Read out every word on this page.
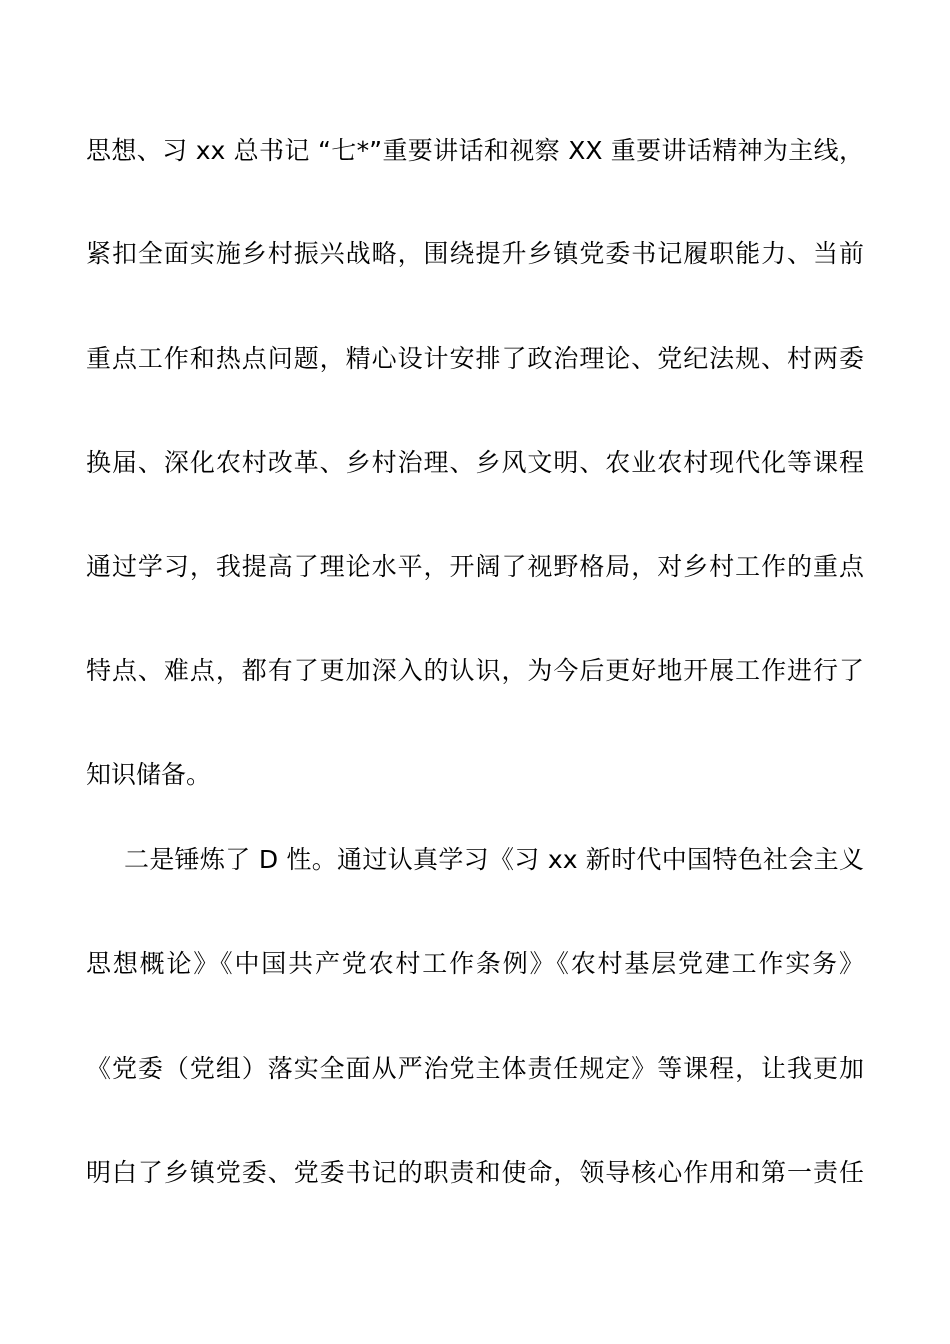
思想、习 xx 总书记 “七*”重要讲话和视察 XX 重要讲话精神为主线，
紧扣全面实施乡村振兴战略，围绕提升乡镇党委书记履职能力、当前
重点工作和热点问题，精心设计安排了政治理论、党纪法规、村两委
换届、深化农村改革、乡村治理、乡风文明、农业农村现代化等课程
通过学习，我提高了理论水平，开阔了视野格局，对乡村工作的重点
特点、难点，都有了更加深入的认识，为今后更好地开展工作进行了
知识储备。
二是锤炼了 D 性。通过认真学习《习 xx 新时代中国特色社会主义
思想概论》《中国共产党农村工作条例》《农村基层党建工作实务》
《党委（党组）落实全面从严治党主体责任规定》等课程，让我更加
明白了乡镇党委、党委书记的职责和使命，领导核心作用和第一责任
